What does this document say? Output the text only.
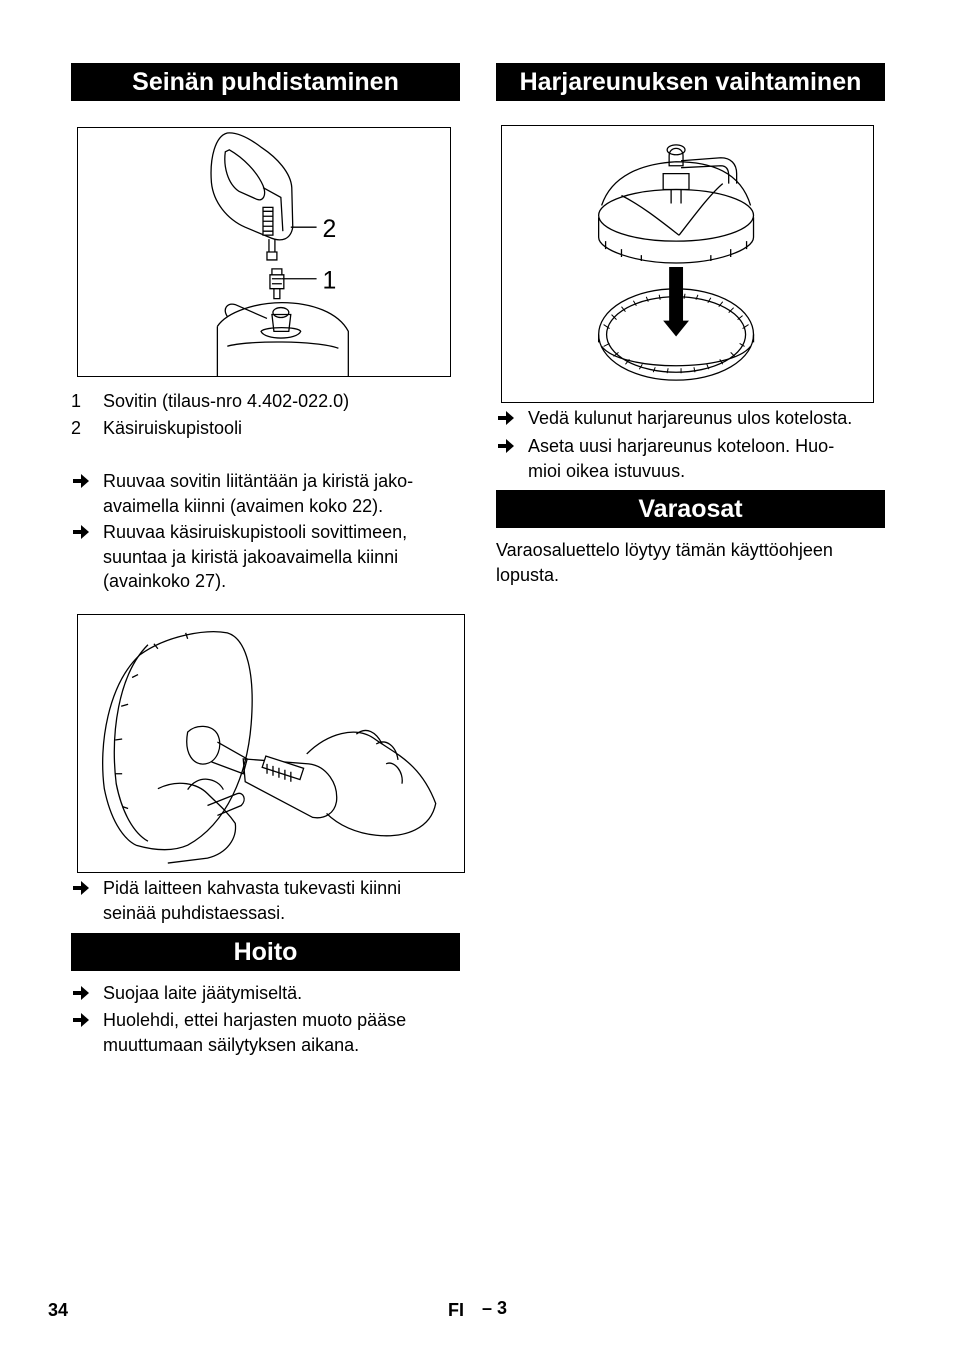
Seinän puhdistaminen
2
1
1 Sovitin (tilaus-nro 4.402-022.0)
2 Käsiruiskupistooli
Ruuvaa sovitin liitäntään ja kiristä jako-
avaimella kiinni (avaimen koko 22).
Ruuvaa käsiruiskupistooli sovittimeen,
suuntaa ja kiristä jakoavaimella kiinni
(avainkoko 27).
Pidä laitteen kahvasta tukevasti kiinni
seinää puhdistaessasi.
Hoito
Suojaa laite jäätymiseltä.
Huolehdi, ettei harjasten muoto pääse
muuttumaan säilytyksen aikana.
Harjareunuksen vaihtaminen
Vedä kulunut harjareunus ulos kotelosta.
Aseta uusi harjareunus koteloon. Huo-
mioi oikea istuvuus.
Varaosat
Varaosaluettelo löytyy tämän käyttöohjeen
lopusta.
34	FI – 3
